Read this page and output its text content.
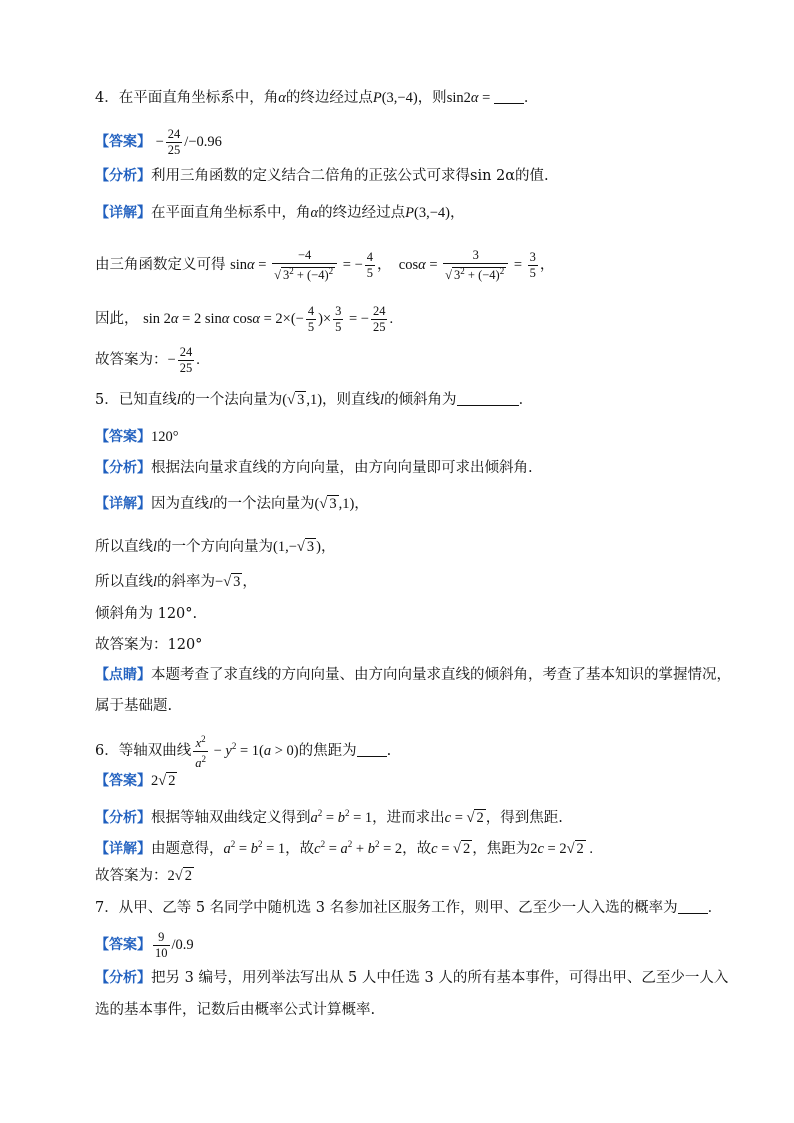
4．在平面直角坐标系中，角α的终边经过点P(3,−4)，则sin2α = ．
【答案】 − $\frac{24}{25} /-0.96$
【分析】利用三角函数的定义结合二倍角的正弦公式可求得sin 2α的值.
【详解】在平面直角坐标系中，角α的终边经过点P(3,−4)，
由三角函数定义可得 $\sin\alpha = \frac{-4}{√ 3^2 + (-4)^2}$ = − $\frac{4}{5}$ ，  $\cos\alpha = \frac{3}{√ 3^2 + (-4)^2} = \frac{3}{5}$ ，
因此， sin 2α = 2 sinα $\cos\alpha = 2\times(- \frac{4}{5}$ )× $\frac{3}{5}$ = − $\frac{24}{25}$ .
故答案为：− $\frac{24}{25}$ .
5．已知直线l的一个法向量为(√ 3 ,1)，则直线l的倾斜角为	．
【答案】120°
【分析】根据法向量求直线的方向向量，由方向向量即可求出倾斜角.
【详解】因为直线l的一个法向量为(√ 3 ,1)，
所以直线l的一个方向向量为(1,−√ 3 )，
所以直线l的斜率为−√ 3 ，
倾斜角为 120°.
故答案为：120°
【点睛】本题考查了求直线的方向向量、由方向向量求直线的倾斜角，考查了基本知识的掌握情况，
属于基础题.
6．等轴双曲线 $\frac{x^2}{a^2} - y^2 = 1(a > 0)$的焦距为 .
【答案】2√ 2
【分析】根据等轴双曲线定义得到$a^2 = b^2 = 1$，进而求出c = √ 2 ，得到焦距.
【详解】由题意得，$a^2 = b^2 = 1$，故$c^2 = a^2 + b^2 = 2$，故c = √ 2 ，焦距为2c = 2√ 2 .
故答案为：2√ 2
7．从甲、乙等 5 名同学中随机选 3 名参加社区服务工作，则甲、乙至少一人入选的概率为 ．
【答案】 $\frac{9}{10} /0.9$
【分析】把另 3 编号，用列举法写出从 5 人中任选 3 人的所有基本事件，可得出甲、乙至少一人入
选的基本事件，记数后由概率公式计算概率.
